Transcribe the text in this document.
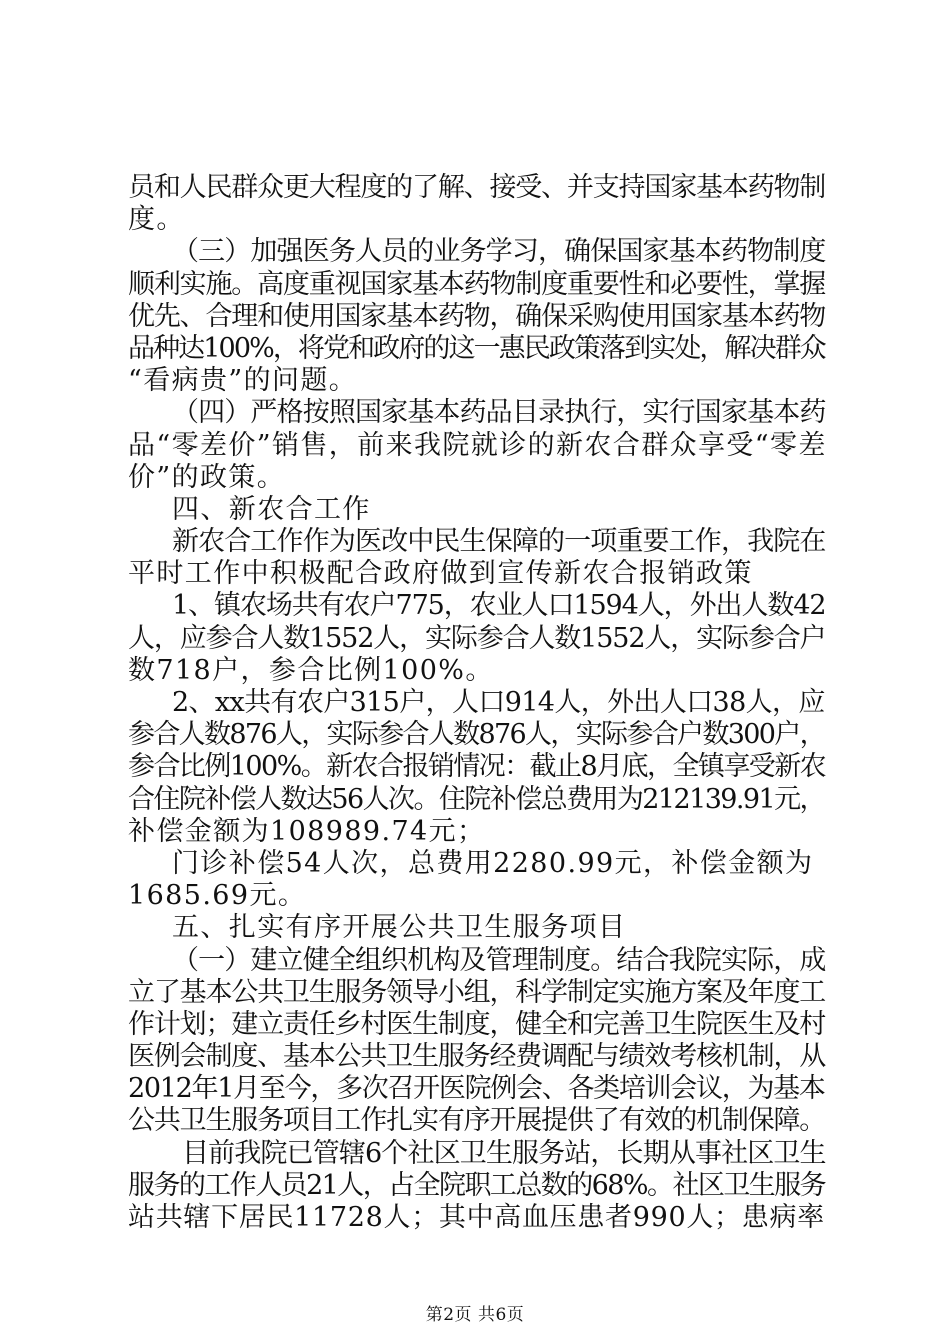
员和人民群众更大程度的了解、接受、并支持国家基本药物制
度。
（三）加强医务人员的业务学习，确保国家基本药物制度
顺利实施。高度重视国家基本药物制度重要性和必要性，掌握
优先、合理和使用国家基本药物，确保采购使用国家基本药物
品种达100%，将党和政府的这一惠民政策落到实处，解决群众
“看病贵”的问题。
（四）严格按照国家基本药品目录执行，实行国家基本药
品“零差价”销售，前来我院就诊的新农合群众享受“零差
价”的政策。
四、新农合工作
新农合工作作为医改中民生保障的一项重要工作，我院在
平时工作中积极配合政府做到宣传新农合报销政策
1、镇农场共有农户775，农业人口1594人，外出人数42
人，应参合人数1552人，实际参合人数1552人，实际参合户
数718户，参合比例100%。
2、xx共有农户315户，人口914人，外出人口38人，应
参合人数876人，实际参合人数876人，实际参合户数300户，
参合比例100%。新农合报销情况：截止8月底，全镇享受新农
合住院补偿人数达56人次。住院补偿总费用为212139.91元，
补偿金额为108989.74元；
门诊补偿54人次，总费用2280.99元，补偿金额为
1685.69元。
五、扎实有序开展公共卫生服务项目
（一）建立健全组织机构及管理制度。结合我院实际，成
立了基本公共卫生服务领导小组，科学制定实施方案及年度工
作计划；建立责任乡村医生制度，健全和完善卫生院医生及村
医例会制度、基本公共卫生服务经费调配与绩效考核机制，从
2012年1月至今，多次召开医院例会、各类培训会议，为基本
公共卫生服务项目工作扎实有序开展提供了有效的机制保障。
目前我院已管辖6个社区卫生服务站，长期从事社区卫生
服务的工作人员21人，占全院职工总数的68%。社区卫生服务
站共辖下居民11728人；其中高血压患者990人；患病率
第2页 共6页
